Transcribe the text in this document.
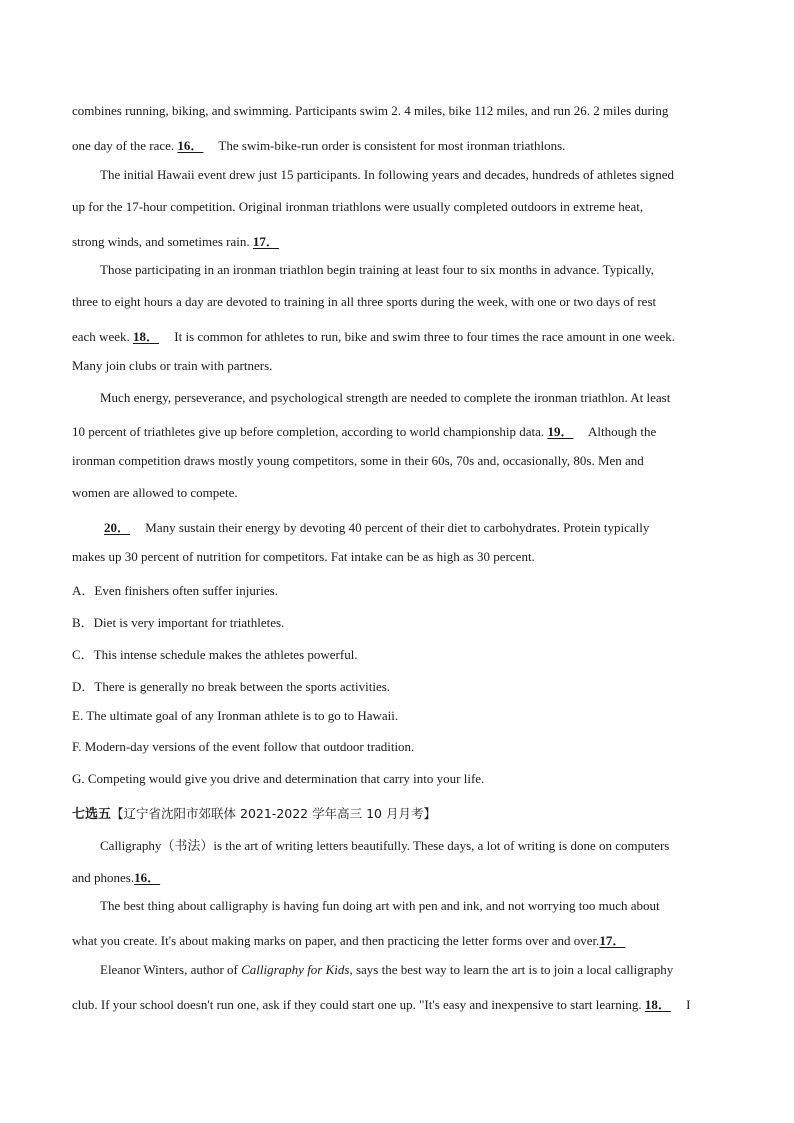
combines running, biking, and swimming. Participants swim 2. 4 miles, bike 112 miles, and run 26. 2 miles during
one day of the race. 16． The swim-bike-run order is consistent for most ironman triathlons.
The initial Hawaii event drew just 15 participants. In following years and decades, hundreds of athletes signed
up for the 17-hour competition. Original ironman triathlons were usually completed outdoors in extreme heat,
strong winds, and sometimes rain. 17．
Those participating in an ironman triathlon begin training at least four to six months in advance. Typically,
three to eight hours a day are devoted to training in all three sports during the week, with one or two days of rest
each week. 18． It is common for athletes to run, bike and swim three to four times the race amount in one week.
Many join clubs or train with partners.
Much energy, perseverance, and psychological strength are needed to complete the ironman triathlon. At least
10 percent of triathletes give up before completion, according to world championship data. 19． Although the
ironman competition draws mostly young competitors, some in their 60s, 70s and, occasionally, 80s. Men and
women are allowed to compete.
20． Many sustain their energy by devoting 40 percent of their diet to carbohydrates. Protein typically
makes up 30 percent of nutrition for competitors. Fat intake can be as high as 30 percent.
A．Even finishers often suffer injuries.
B．Diet is very important for triathletes.
C．This intense schedule makes the athletes powerful.
D．There is generally no break between the sports activities.
E. The ultimate goal of any Ironman athlete is to go to Hawaii.
F. Modern-day versions of the event follow that outdoor tradition.
G. Competing would give you drive and determination that carry into your life.
七选五【辽宁省沈阳市郊联体 2021-2022 学年高三 10 月月考】
Calligraphy（书法）is the art of writing letters beautifully. These days, a lot of writing is done on computers
and phones.16．
The best thing about calligraphy is having fun doing art with pen and ink, and not worrying too much about
what you create. It's about making marks on paper, and then practicing the letter forms over and over.17．
Eleanor Winters, author of Calligraphy for Kids, says the best way to learn the art is to join a local calligraphy
club. If your school doesn't run one, ask if they could start one up. "It's easy and inexpensive to start learning. 18． I
